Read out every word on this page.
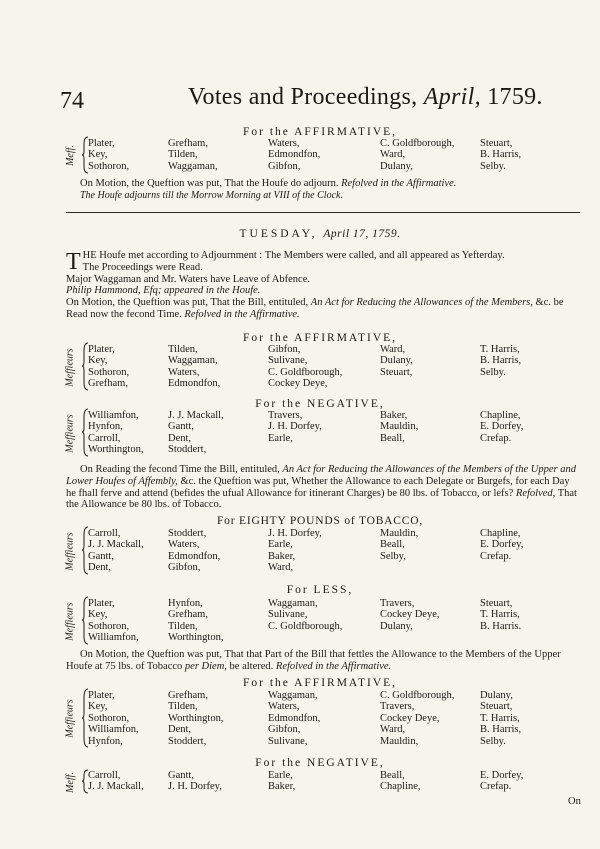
74	Votes and Proceedings, April, 1759.
For the AFFIRMATIVE,
Meff.
Plater,	Grefham,	Waters,	C. Goldfborough, Steuart,
Key,	Tilden,	Edmondfon,	Ward,	B. Harris,
Sothoron,	Waggaman,	Gibfon,	Dulany,	Selby.
On Motion, the Queftion was put, That the Houfe do adjourn. Refolved in the Affirmative.
The Houfe adjourns till the Morrow Morning at VIII of the Clock.
TUESDAY, April 17, 1759.
THE Houfe met according to Adjournment : The Members were called, and all appeared as Yefterday.
The Proceedings were Read.
Major Waggaman and Mr. Waters have Leave of Abfence.
Philip Hammond, Efq; appeared in the Houfe.
On Motion, the Queftion was put, That the Bill, entituled, An Act for Reducing the Allowances of the Members, &c. be Read now the fecond Time. Refolved in the Affirmative.
For the AFFIRMATIVE,
Meffieurs Plater,	Tilden,	Gibfon,	Ward,	T. Harris,
Key,	Waggaman,	Sulivane,	Dulany,	B. Harris,
Sothoron,	Waters,	C. Goldfborough,	Steuart,	Selby.
Grefham,	Edmondfon,	Cockey Deye,
For the NEGATIVE,
Meffieurs Williamfon,	J. J. Mackall,	Travers,	Baker,	Chapline,
Hynfon,	Gantt,	J. H. Dorfey,	Mauldin,	E. Dorfey,
Carroll,	Dent,	Earle,	Beall,	Crefap.
Worthington, Stoddert,
On Reading the fecond Time the Bill, entituled, An Act for Reducing the Allowances of the Members of the Upper and Lower Houfes of Affembly, &c. the Queftion was put, Whether the Allowance to each Delegate or Burgefs, for each Day he fhall ferve and attend (befides the ufual Allowance for itinerant Charges) be 80 lbs. of Tobacco, or lefs? Refolved, That the Allowance be 80 lbs. of Tobacco.
For EIGHTY POUNDS of TOBACCO,
Meffieurs Carroll,	Stoddert,	J. H. Dorfey,	Mauldin,	Chapline,
J. J. Mackall, Waters,	Earle,	Beall,	E. Dorfey,
Gantt,	Edmondfon,	Baker,	Selby,	Crefap.
Dent,	Gibfon,	Ward,
For LESS,
Meffieurs Plater,	Hynfon,	Waggaman,	Travers,	Steuart,
Key,	Grefham,	Sulivane,	Cockey Deye,	T. Harris,
Sothoron,	Tilden,	C. Goldfborough,	Dulany,	B. Harris.
Williamfon,	Worthington,
On Motion, the Queftion was put, That that Part of the Bill that fettles the Allowance to the Members of the Upper Houfe at 75 lbs. of Tobacco per Diem, be altered. Refolved in the Affirmative.
For the AFFIRMATIVE,
Meffieurs
Plater,	Grefham,	Waggaman,	C. Goldfborough, Dulany,
Key,	Tilden,	Waters,	Travers,	Steuart,
Sothoron,	Worthington,	Edmondfon,	Cockey Deye,	T. Harris,
Williamfon,	Dent,	Gibfon,	Ward,	B. Harris,
Hynfon,	Stoddert,	Sulivane,	Mauldin,	Selby.
For the NEGATIVE,
Meff. Carroll,	Gantt,	Earle,	Beall,	E. Dorfey,
J. J. Mackall, J. H. Dorfey,	Baker,	Chapline,	Crefap.
On
